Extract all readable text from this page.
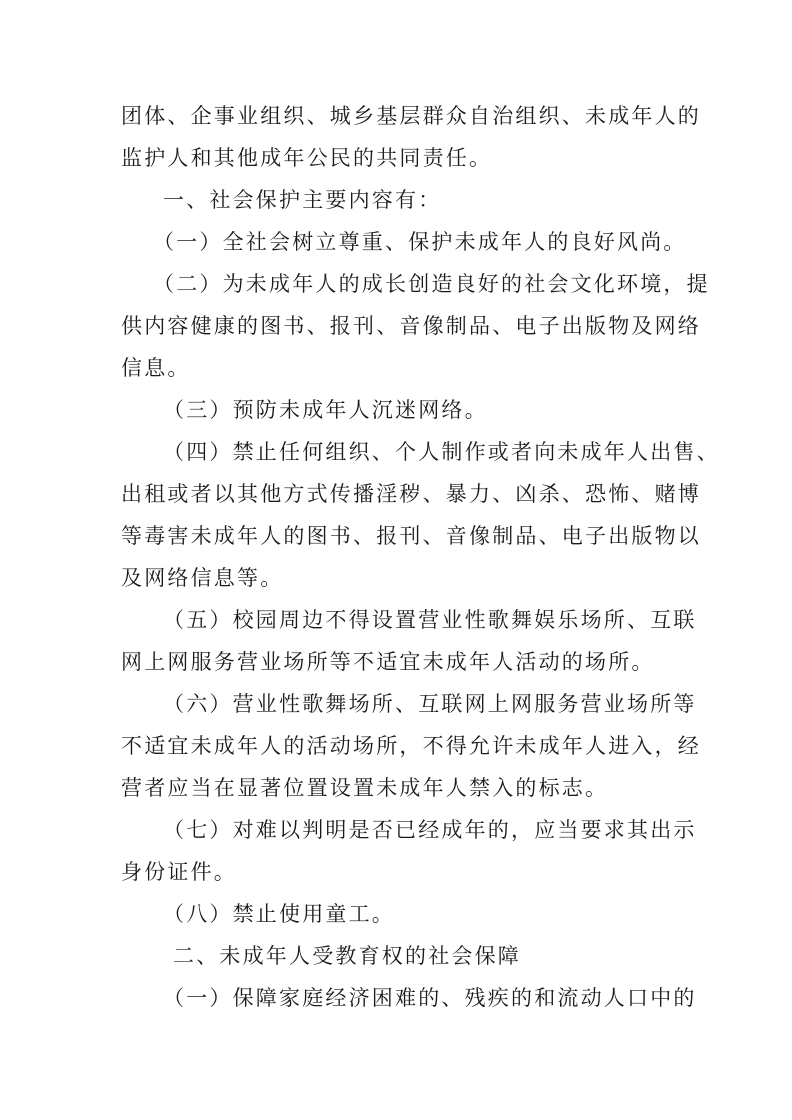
团体、企事业组织、城乡基层群众自治组织、未成年人的
监护人和其他成年公民的共同责任。
一、社会保护主要内容有：
（一）全社会树立尊重、保护未成年人的良好风尚。
（二）为未成年人的成长创造良好的社会文化环境，提
供内容健康的图书、报刊、音像制品、电子出版物及网络
信息。
（三）预防未成年人沉迷网络。
（四）禁止任何组织、个人制作或者向未成年人出售、
出租或者以其他方式传播淫秽、暴力、凶杀、恐怖、赌博
等毒害未成年人的图书、报刊、音像制品、电子出版物以
及网络信息等。
（五）校园周边不得设置营业性歌舞娱乐场所、互联
网上网服务营业场所等不适宜未成年人活动的场所。
（六）营业性歌舞场所、互联网上网服务营业场所等
不适宜未成年人的活动场所，不得允许未成年人进入，经
营者应当在显著位置设置未成年人禁入的标志。
（七）对难以判明是否已经成年的，应当要求其出示
身份证件。
（八）禁止使用童工。
二、未成年人受教育权的社会保障
（一）保障家庭经济困难的、残疾的和流动人口中的
